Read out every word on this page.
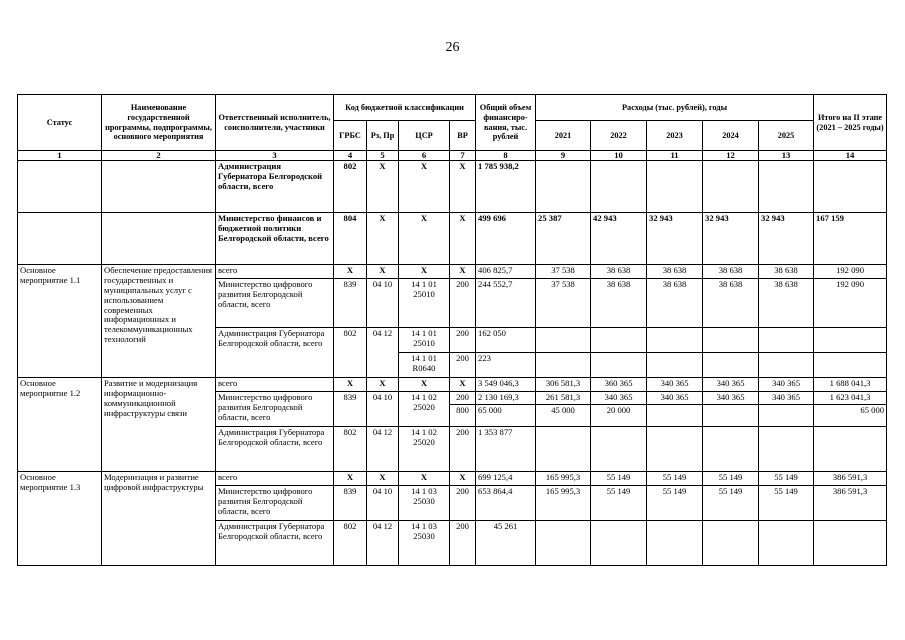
26
Статус	Наименование государственной программы, подпрограммы, основного мероприятия	Ответственный исполнитель, соисполнители, участники	Код бюджетной классификации				Общий объем финансиро-вания, тыс. рублей	Расходы (тыс. рублей), годы					Итого на II этапе (2021 – 2025 годы)
			ГРБС	Рз, Пр	ЦСР	ВР		2021	2022	2023	2024	2025	
1	2	3	4	5	6	7	8	9	10	11	12	13	14
		Администрация Губернатора Белгородской области, всего	802	Х	Х	Х	1 785 938,2						
		Министерство финансов и бюджетной политики Белгородской области, всего	804	Х	Х	Х	499 696	25 387	42 943	32 943	32 943	32 943	167 159
Основное мероприятие 1.1	Обеспечение предоставления государственных и муниципальных услуг с использованием современных информационных и телекоммуникационных технологий	всего	Х	Х	Х	Х	406 825,7	37 538	38 638	38 638	38 638	38 638	192 090
		Министерство цифрового развития Белгородской области, всего	839	04 10	14 1 01 25010	200	244 552,7	37 538	38 638	38 638	38 638	38 638	192 090
		Администрация Губернатора Белгородской области, всего	802	04 12	14 1 01 25010	200	162 050						
					14 1 01 R0640	200	223						
Основное мероприятие 1.2	Развитие и модернизация информационно-коммуникационной инфраструктуры связи	всего	Х	Х	Х	Х	3 549 046,3	306 581,3	360 365	340 365	340 365	340 365	1 688 041,3
		Министерство цифрового развития Белгородской области, всего	839	04 10	14 1 02 25020	200	2 130 169,3	261 581,3	340 365	340 365	340 365	340 365	1 623 041,3
						800	65 000	45 000	20 000				65 000
		Администрация Губернатора Белгородской области, всего	802	04 12	14 1 02 25020	200	1 353 877						
Основное мероприятие 1.3	Модернизация и развитие цифровой инфраструктуры	всего	Х	Х	Х	Х	699 125,4	165 995,3	55 149	55 149	55 149	55 149	386 591,3
		Министерство цифрового развития Белгородской области, всего	839	04 10	14 1 03 25030	200	653 864,4	165 995,3	55 149	55 149	55 149	55 149	386 591,3
		Администрация Губернатора Белгородской области, всего	802	04 12	14 1 03 25030	200	45 261						
